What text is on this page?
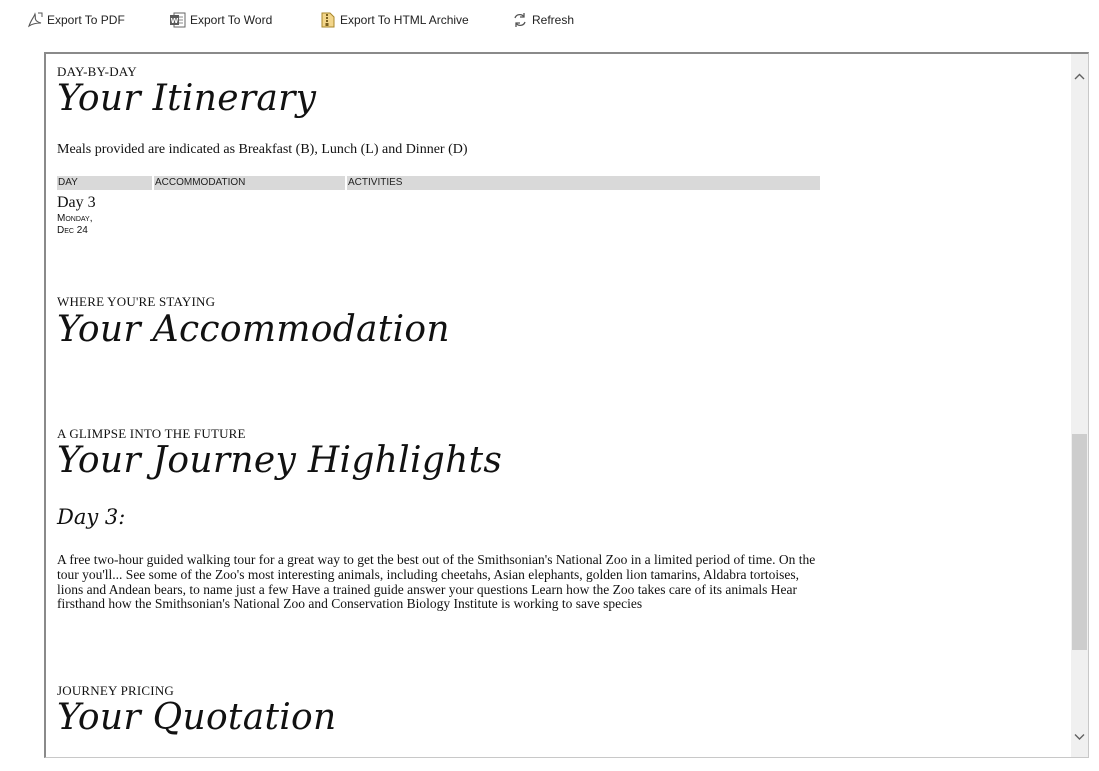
Export To PDF	W Export To Word	Export To HTML Archive	Refresh
DAY-BY-DAY
Your Itinerary
Meals provided are indicated as Breakfast (B), Lunch (L) and Dinner (D)
DAY	ACCOMMODATION	ACTIVITIES
Day 3
Monday,
Dec 24
WHERE YOU'RE STAYING
Your Accommodation
A GLIMPSE INTO THE FUTURE
Your Journey Highlights
Day 3:
A free two-hour guided walking tour for a great way to get the best out of the Smithsonian's National Zoo in a limited period of time. On the tour you'll... See some of the Zoo's most interesting animals, including cheetahs, Asian elephants, golden lion tamarins, Aldabra tortoises, lions and Andean bears, to name just a few Have a trained guide answer your questions Learn how the Zoo takes care of its animals Hear firsthand how the Smithsonian's National Zoo and Conservation Biology Institute is working to save species
JOURNEY PRICING
Your Quotation
